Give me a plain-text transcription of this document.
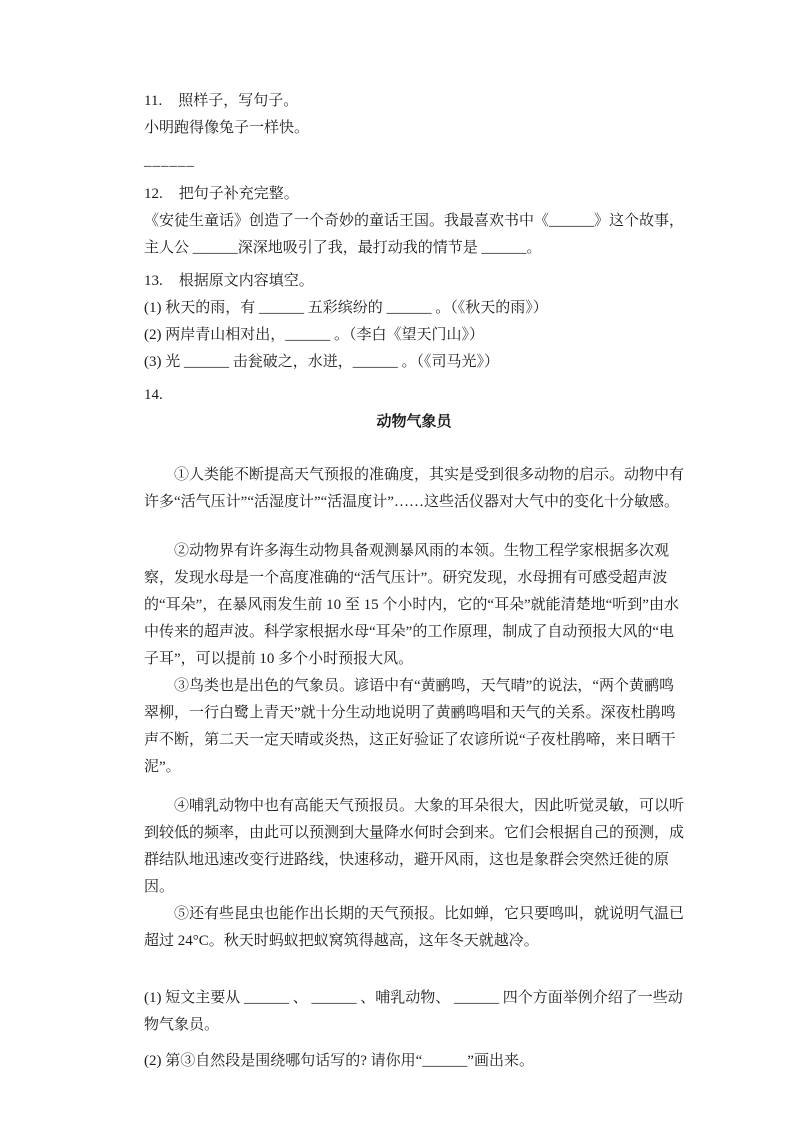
11. 照样子，写句子。
小明跑得像兔子一样快。
______
12. 把句子补充完整。
《安徒生童话》创造了一个奇妙的童话王国。我最喜欢书中《______》这个故事，主人公 ______深深地吸引了我，最打动我的情节是 ______。
13. 根据原文内容填空。
(1) 秋天的雨，有 ______ 五彩缤纷的 ______ 。（《秋天的雨》）
(2) 两岸青山相对出，______ 。（李白《望天门山》）
(3) 光 ______ 击瓮破之，水迸，______ 。（《司马光》）
14.
动物气象员

①人类能不断提高天气预报的准确度，其实是受到很多动物的启示。动物中有许多“活气压计”“活湿度计”“活温度计”……这些活仪器对大气中的变化十分敏感。

②动物界有许多海生动物具备观测暴风雨的本领。生物工程学家根据多次观察，发现水母是一个高度准确的“活气压计”。研究发现，水母拥有可感受超声波的“耳朵”，在暴风雨发生前 10 至 15 个小时内，它的“耳朵”就能清楚地“听到”由水中传来的超声波。科学家根据水母“耳朵”的工作原理，制成了自动预报大风的“电子耳”，可以提前 10 多个小时预报大风。

③鸟类也是出色的气象员。谚语中有“黄鹂鸣，天气晴”的说法，“两个黄鹂鸣翠柳，一行白鹭上青天”就十分生动地说明了黄鹂鸣唱和天气的关系。深夜杜鹃鸣声不断，第二天一定天晴或炎热，这正好验证了农谚所说“子夜杜鹃啼，来日晒干泥”。

④哺乳动物中也有高能天气预报员。大象的耳朵很大，因此听觉灵敏，可以听到较低的频率，由此可以预测到大量降水何时会到来。它们会根据自己的预测，成群结队地迅速改变行进路线，快速移动，避开风雨，这也是象群会突然迁徙的原因。

⑤还有些昆虫也能作出长期的天气预报。比如蝉，它只要鸣叫，就说明气温已超过 24°C。秋天时蚂蚁把蚁窝筑得越高，这年冬天就越冷。

(1) 短文主要从 ______ 、 ______ 、哺乳动物、 ______ 四个方面举例介绍了一些动物气象员。
(2) 第③自然段是围绕哪句话写的? 请你用“______”画出来。
